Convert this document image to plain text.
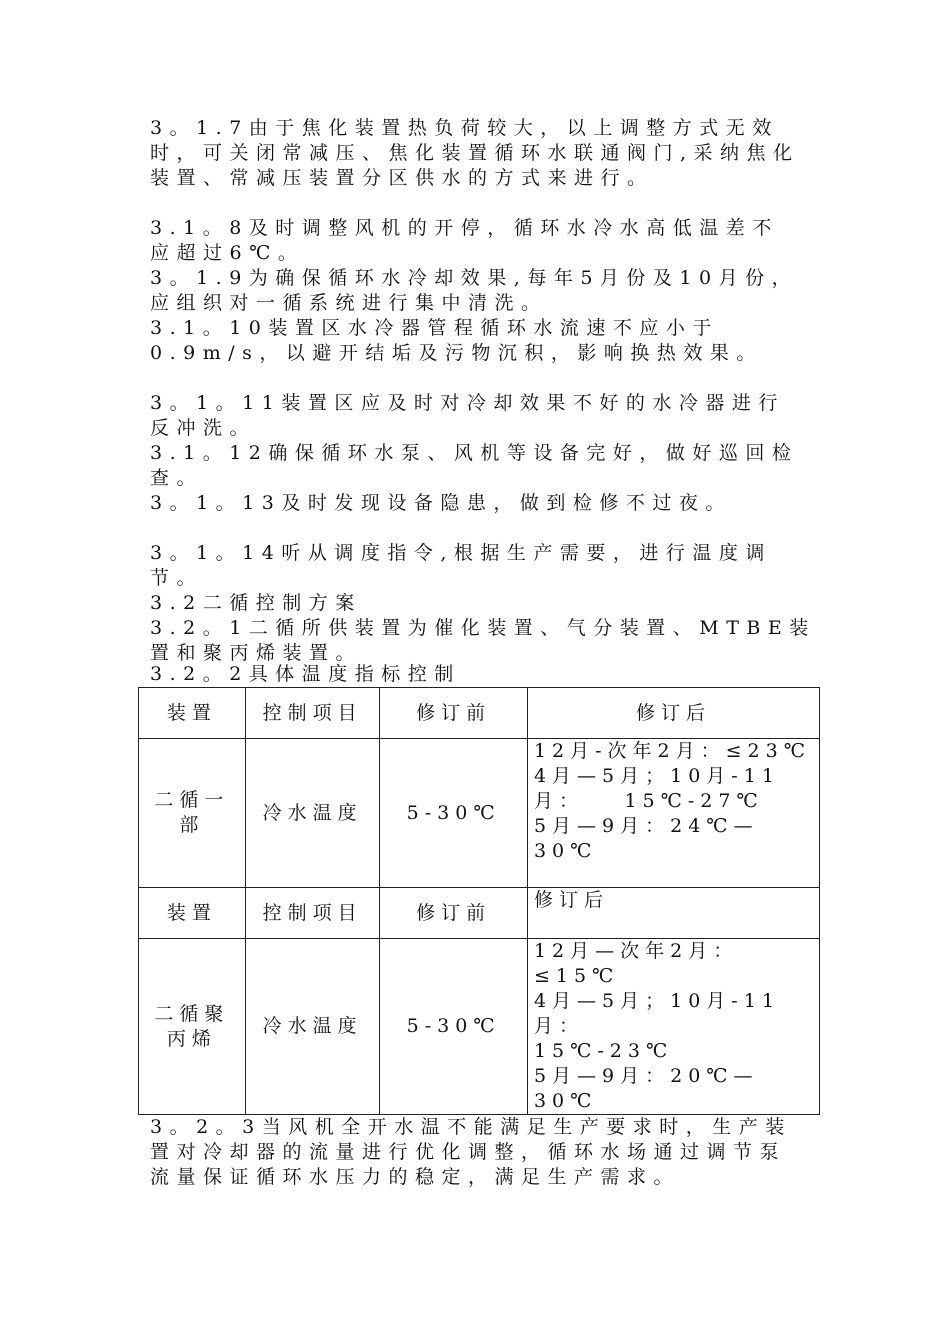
3。1.7由于焦化装置热负荷较大，以上调整方式无效时，可关闭常减压、焦化装置循环水联通阀门,采纳焦化装置、常减压装置分区供水的方式来进行。
3.1。8及时调整风机的开停，循环水冷水高低温差不应超过6℃。
3。1.9为确保循环水冷却效果,每年5月份及10月份，应组织对一循系统进行集中清洗。
3.1。10装置区水冷器管程循环水流速不应小于0.9m/s，以避开结垢及污物沉积，影响换热效果。
3。1。11装置区应及时对冷却效果不好的水冷器进行反冲洗。
3.1。12确保循环水泵、风机等设备完好，做好巡回检查。
3。1。13及时发现设备隐患，做到检修不过夜。
3。1。14听从调度指令,根据生产需要，进行温度调节。
3.2二循控制方案
3.2。1二循所供装置为催化装置、气分装置、MTBE装置和聚丙烯装置。
3.2。2具体温度指标控制
装置	控制项目	修订前	修订后
二循一部	冷水温度	5-30℃	12月-次年2月：≤23℃
4月—5月；10月-11月：　　15℃-27℃
5月—9月：24℃—30℃

装置	控制项目	修订前	修订后
二循聚丙烯	冷水温度	5-30℃	12月—次年2月：≤15℃
4月—5月；10月-11月：
15℃-23℃
5月—9月：20℃—30℃
3。2。3当风机全开水温不能满足生产要求时，生产装置对冷却器的流量进行优化调整，循环水场通过调节泵流量保证循环水压力的稳定，满足生产需求。
